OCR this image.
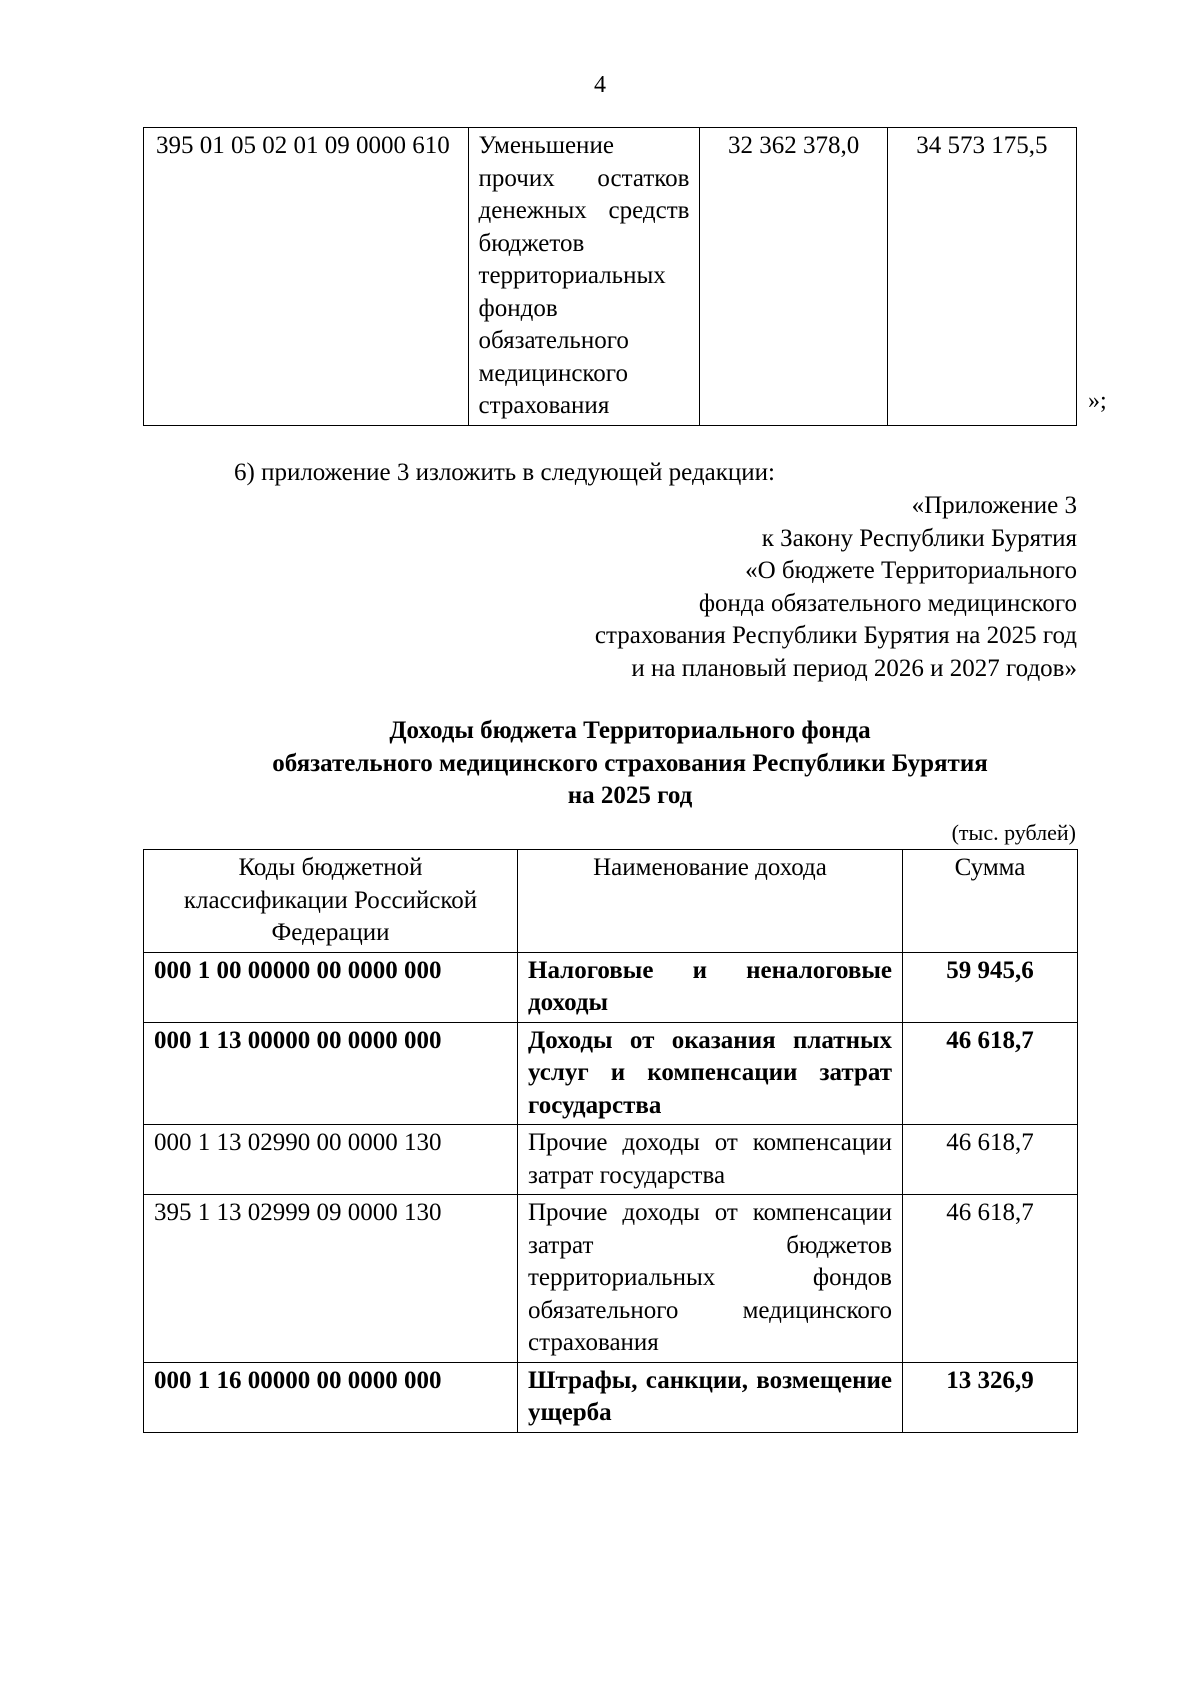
4
395 01 05 02 01 09 0000 610	Уменьшение прочих остатков денежных средств бюджетов территориальных фондов обязательного медицинского страхования	32 362 378,0	34 573 175,5
»;
6) приложение 3 изложить в следующей редакции:
«Приложение 3
к Закону Республики Бурятия
«О бюджете Территориального
фонда обязательного медицинского
страхования Республики Бурятия на 2025 год
и на плановый период 2026 и 2027 годов»
Доходы бюджета Территориального фонда
обязательного медицинского страхования Республики Бурятия
на 2025 год
(тыс. рублей)
Коды бюджетной классификации Российской Федерации	Наименование дохода	Сумма
000 1 00 00000 00 0000 000	Налоговые и неналоговые доходы	59 945,6
000 1 13 00000 00 0000 000	Доходы от оказания платных услуг и компенсации затрат государства	46 618,7
000 1 13 02990 00 0000 130	Прочие доходы от компенсации затрат государства	46 618,7
395 1 13 02999 09 0000 130	Прочие доходы от компенсации затрат бюджетов территориальных фондов обязательного медицинского страхования	46 618,7
000 1 16 00000 00 0000 000	Штрафы, санкции, возмещение ущерба	13 326,9
